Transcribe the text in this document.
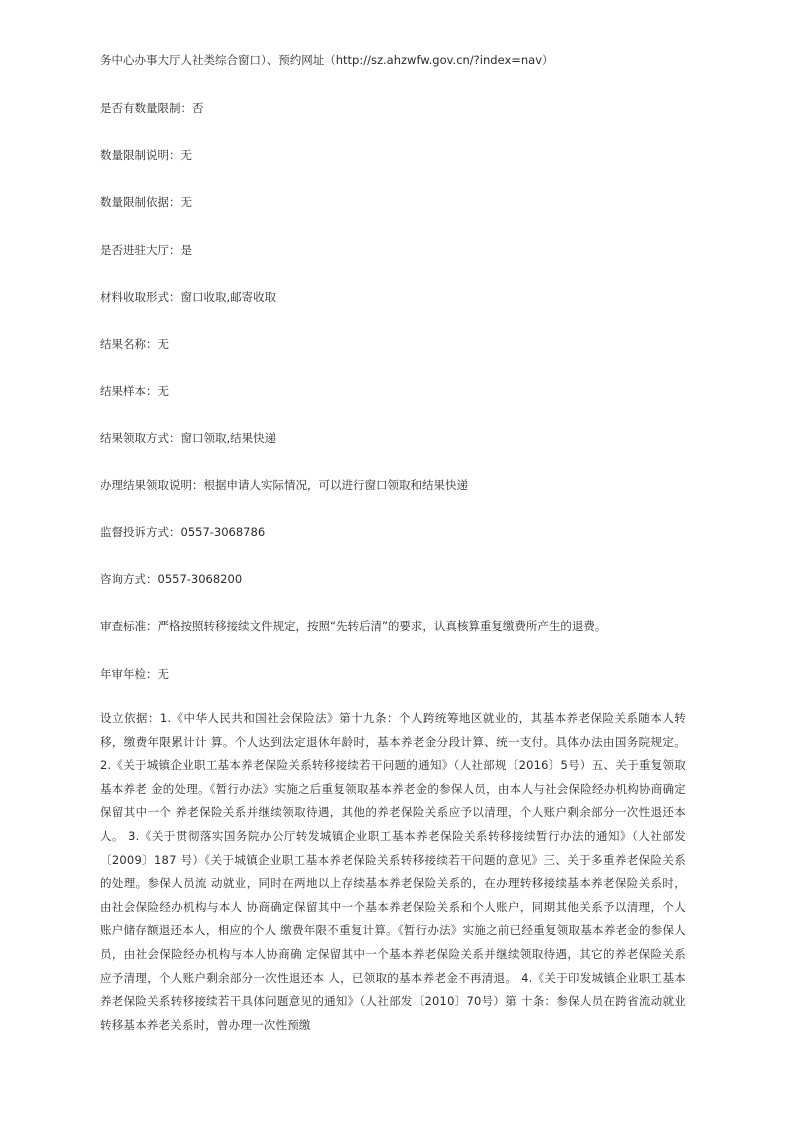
务中心办事大厅人社类综合窗口）、预约网址（http://sz.ahzwfw.gov.cn/?index=nav）
是否有数量限制：否
数量限制说明：无
数量限制依据：无
是否进驻大厅：是
材料收取形式：窗口收取,邮寄收取
结果名称：无
结果样本：无
结果领取方式：窗口领取,结果快递
办理结果领取说明：根据申请人实际情况，可以进行窗口领取和结果快递
监督投诉方式：0557-3068786
咨询方式：0557-3068200
审查标准：严格按照转移接续文件规定，按照“先转后清”的要求，认真核算重复缴费所产生的退费。
年审年检：无
设立依据：1.《中华人民共和国社会保险法》第十九条：个人跨统筹地区就业的，其基本养老保险关系随本人转移，缴费年限累计计 算。个人达到法定退休年龄时，基本养老金分段计算、统一支付。具体办法由国务院规定。 2.《关于城镇企业职工基本养老保险关系转移接续若干问题的通知》（人社部规〔2016〕5号）五、关于重复领取基本养老 金的处理。《暂行办法》实施之后重复领取基本养老金的参保人员，由本人与社会保险经办机构协商确定保留其中一个 养老保险关系并继续领取待遇，其他的养老保险关系应予以清理，个人账户剩余部分一次性退还本人。 3.《关于贯彻落实国务院办公厅转发城镇企业职工基本养老保险关系转移接续暂行办法的通知》（人社部发〔2009〕187 号）《关于城镇企业职工基本养老保险关系转移接续若干问题的意见》三、关于多重养老保险关系的处理。参保人员流 动就业，同时在两地以上存续基本养老保险关系的，在办理转移接续基本养老保险关系时，由社会保险经办机构与本人 协商确定保留其中一个基本养老保险关系和个人账户，同期其他关系予以清理，个人账户储存额退还本人，相应的个人 缴费年限不重复计算。《暂行办法》实施之前已经重复领取基本养老金的参保人员，由社会保险经办机构与本人协商确 定保留其中一个基本养老保险关系并继续领取待遇，其它的养老保险关系应予清理，个人账户剩余部分一次性退还本 人，已领取的基本养老金不再清退。 4.《关于印发城镇企业职工基本养老保险关系转移接续若干具体问题意见的通知》（人社部发〔2010〕70号）第 十条：参保人员在跨省流动就业转移基本养老关系时，曾办理一次性预缴
